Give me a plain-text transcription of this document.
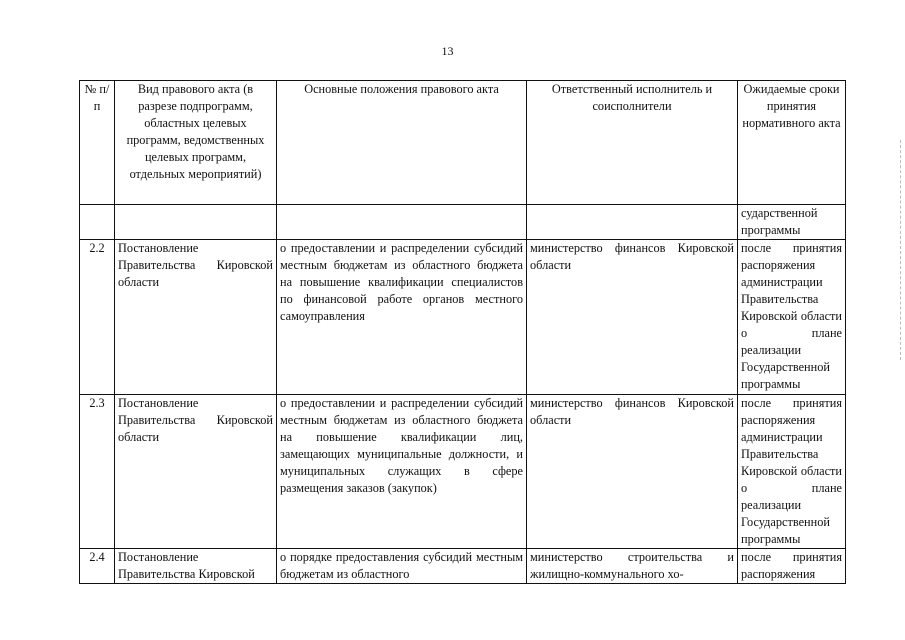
13
№ п/п	Вид правового акта (в разрезе подпрограмм, областных целевых программ, ведомственных целевых программ, отдельных мероприятий)	Основные положения правового акта	Ответственный исполнитель и соисполнители	Ожидаемые сроки принятия нормативного акта
				сударственной программы
2.2	Постановление Правительства Кировской области	о предоставлении и распределении субсидий местным бюджетам из областного бюджета на повышение квалификации специалистов по финансовой работе органов местного самоуправления	министерство финансов Кировской области	после принятия распоряжения администрации Правительства Кировской области о плане реализации Государственной программы
2.3	Постановление Правительства Кировской области	о предоставлении и распределении субсидий местным бюджетам из областного бюджета на повышение квалификации лиц, замещающих муниципальные должности, и муниципальных служащих в сфере размещения заказов (закупок)	министерство финансов Кировской области	после принятия распоряжения администрации Правительства Кировской области о плане реализации Государственной программы
2.4	Постановление Правительства Кировской	о порядке предоставления субсидий местным бюджетам из областного	министерство строительства и жилищно-коммунального хо-	после принятия распоряжения
